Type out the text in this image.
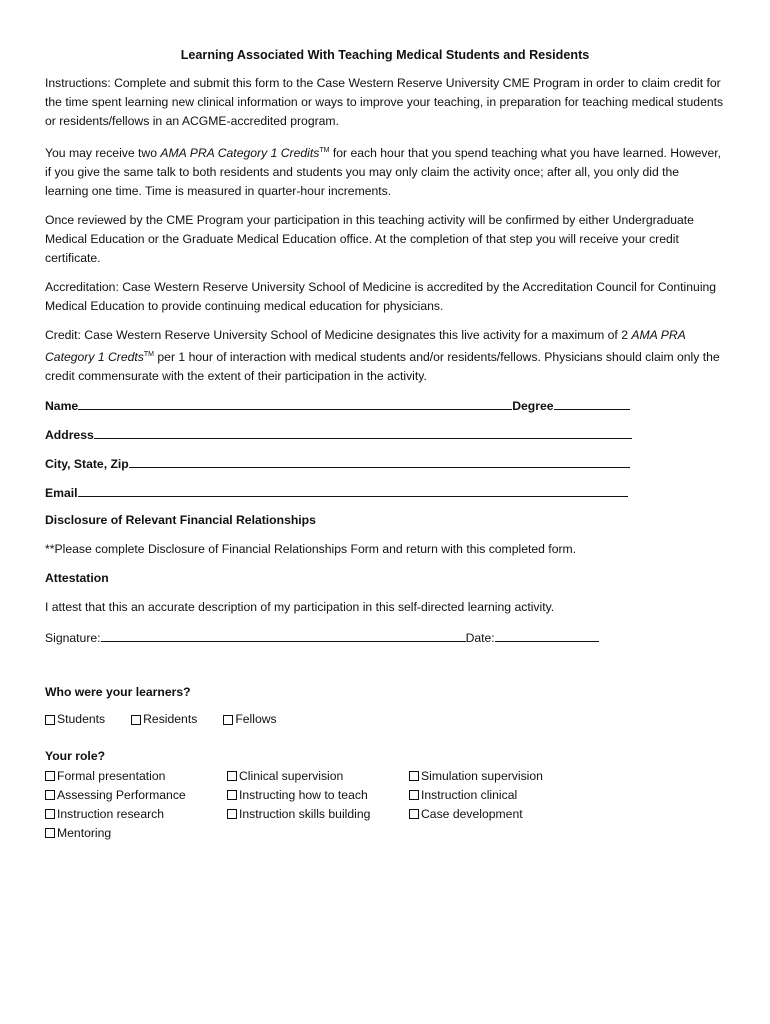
Learning Associated With Teaching Medical Students and Residents

Instructions: Complete and submit this form to the Case Western Reserve University CME Program in order to claim credit for the time spent learning new clinical information or ways to improve your teaching, in preparation for teaching medical students or residents/fellows in an ACGME-accredited program.

You may receive two AMA PRA Category 1 Credits™ for each hour that you spend teaching what you have learned. However, if you give the same talk to both residents and students you may only claim the activity once; after all, you only did the learning one time. Time is measured in quarter-hour increments.

Once reviewed by the CME Program your participation in this teaching activity will be confirmed by either Undergraduate Medical Education or the Graduate Medical Education office. At the completion of that step you will receive your credit certificate.

Accreditation: Case Western Reserve University School of Medicine is accredited by the Accreditation Council for Continuing Medical Education to provide continuing medical education for physicians.

Credit: Case Western Reserve University School of Medicine designates this live activity for a maximum of 2 AMA PRA Category 1 Credts™ per 1 hour of interaction with medical students and/or residents/fellows. Physicians should claim only the credit commensurate with the extent of their participation in the activity.

Name	Degree
Address
City, State, Zip
Email
Disclosure of Relevant Financial Relationships
**Please complete Disclosure of Financial Relationships Form and return with this completed form.
Attestation
I attest that this an accurate description of my participation in this self-directed learning activity.
Signature:	Date:
Who were your learners?
Students	Residents	Fellows
Your role?
Formal presentation	Clinical supervision	Simulation supervision
Assessing Performance	Instructing how to teach	Instruction clinical
Instruction research	Instruction skills building	Case development
Mentoring
